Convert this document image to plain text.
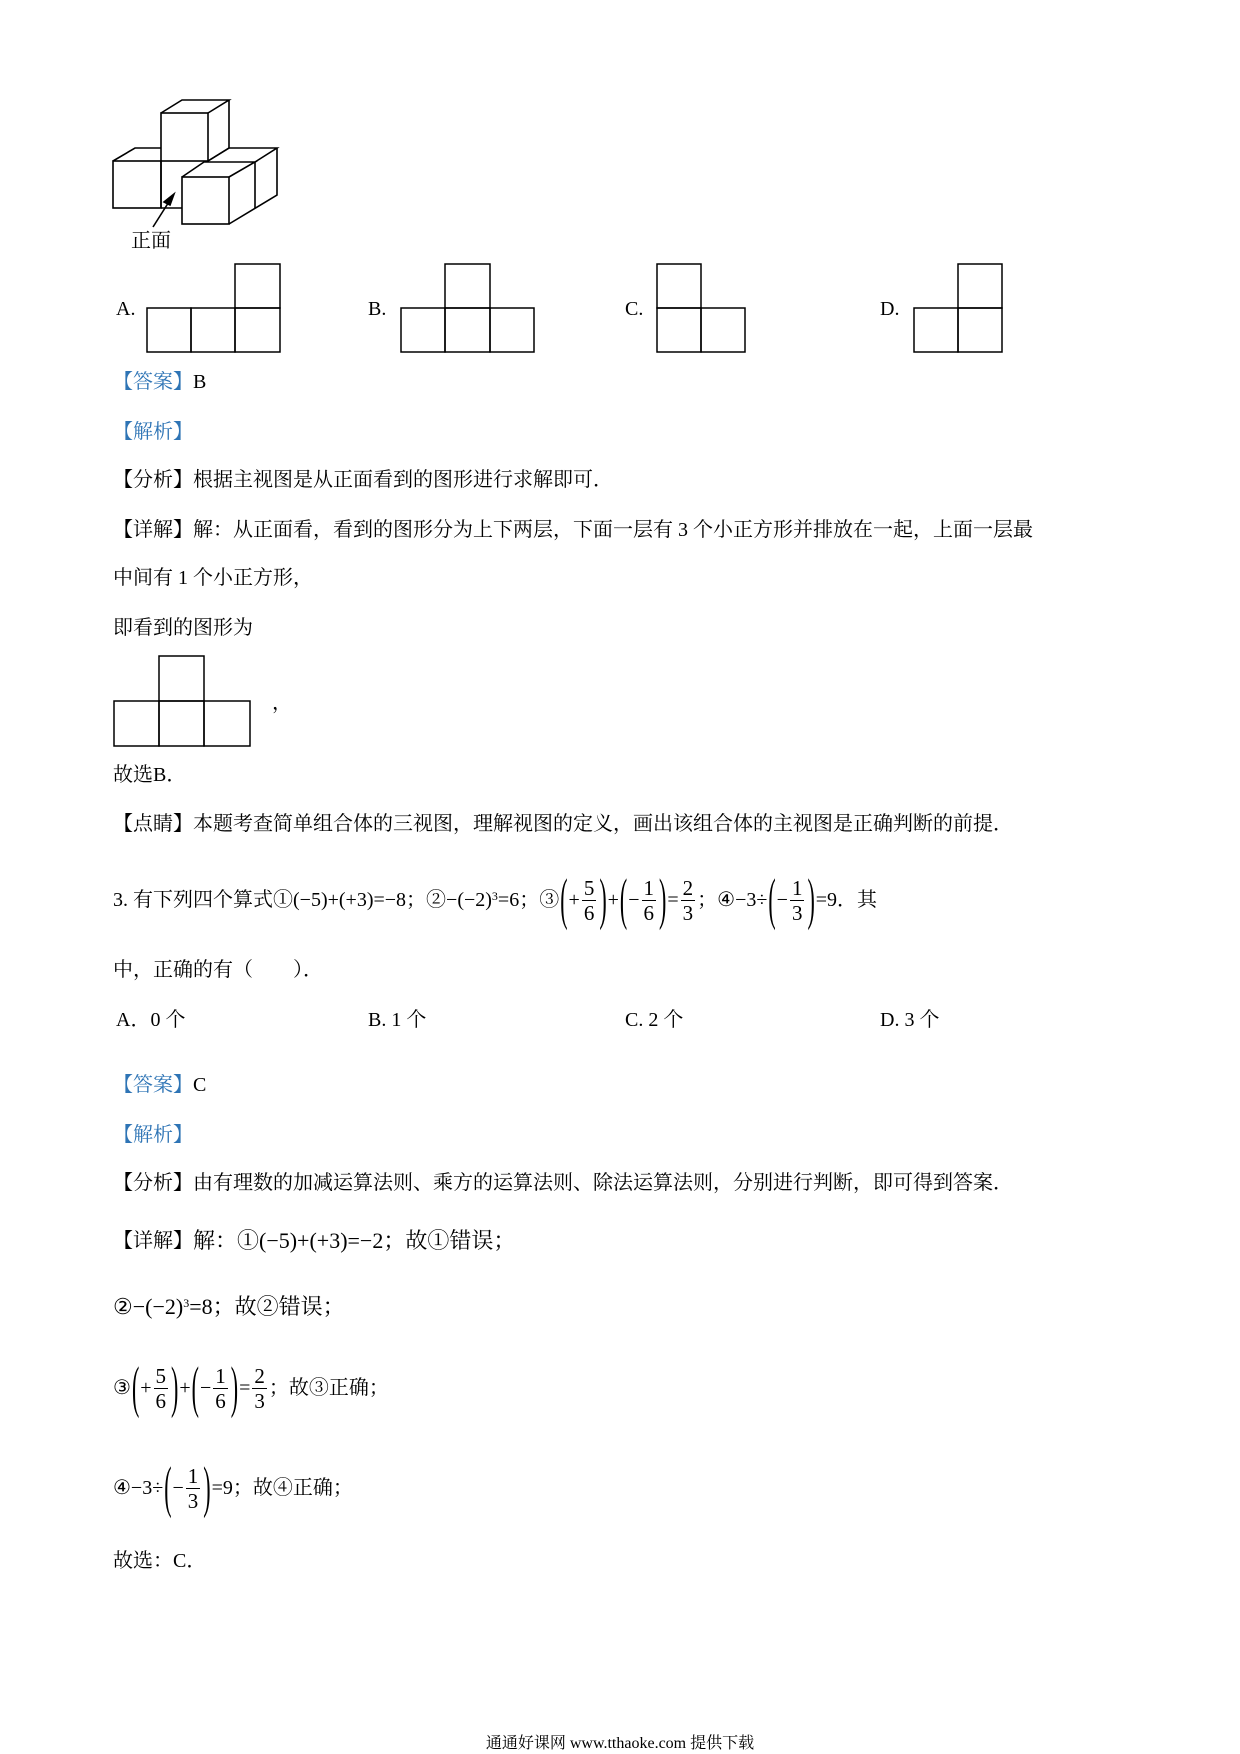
正面
A.	B.	C.	D.
【答案】 B
【解析】
【分析】 根据主视图是从正面看到的图形进行求解即可．
【详解】 解：从正面看，看到的图形分为上下两层，下面一层有 3 个小正方形并排放在一起，上面一层最
中间有 1 个小正方形，
即看到的图形为
，
故选B．
【点睛】 本题考查简单组合体的三视图，理解视图的定义，画出该组合体的主视图是正确判断的前提．
3. 有下列四个算式①(−5)+(+3)=−8；$②-(-2)^3 =6$；③ ( + $\frac{5}{6}$ ) + ( − $\frac{1}{6}$ ) = $\frac{2}{3}$ ； ④−3÷ ( − $\frac{1}{3}$ ) =9．其
中，正确的有（　　）．
A．0 个	B. 1 个	C. 2 个	D. 3 个
【答案】 C
【解析】
【分析】 由有理数的加减运算法则、乘方的运算法则、除法运算法则，分别进行判断，即可得到答案．
【详解】 解：①(−5)+(+3)=−2；故①错误；
$②-(-2)^3 =8$；故②错误；
③ ( + $\frac{5}{6}$ ) + ( − $\frac{1}{6}$ ) = $\frac{2}{3}$ ；故③正确；
④−3÷ ( − $\frac{1}{3}$ ) =9；故④正确；
故选：C．
通通好课网 www.tthaoke.com 提供下载
